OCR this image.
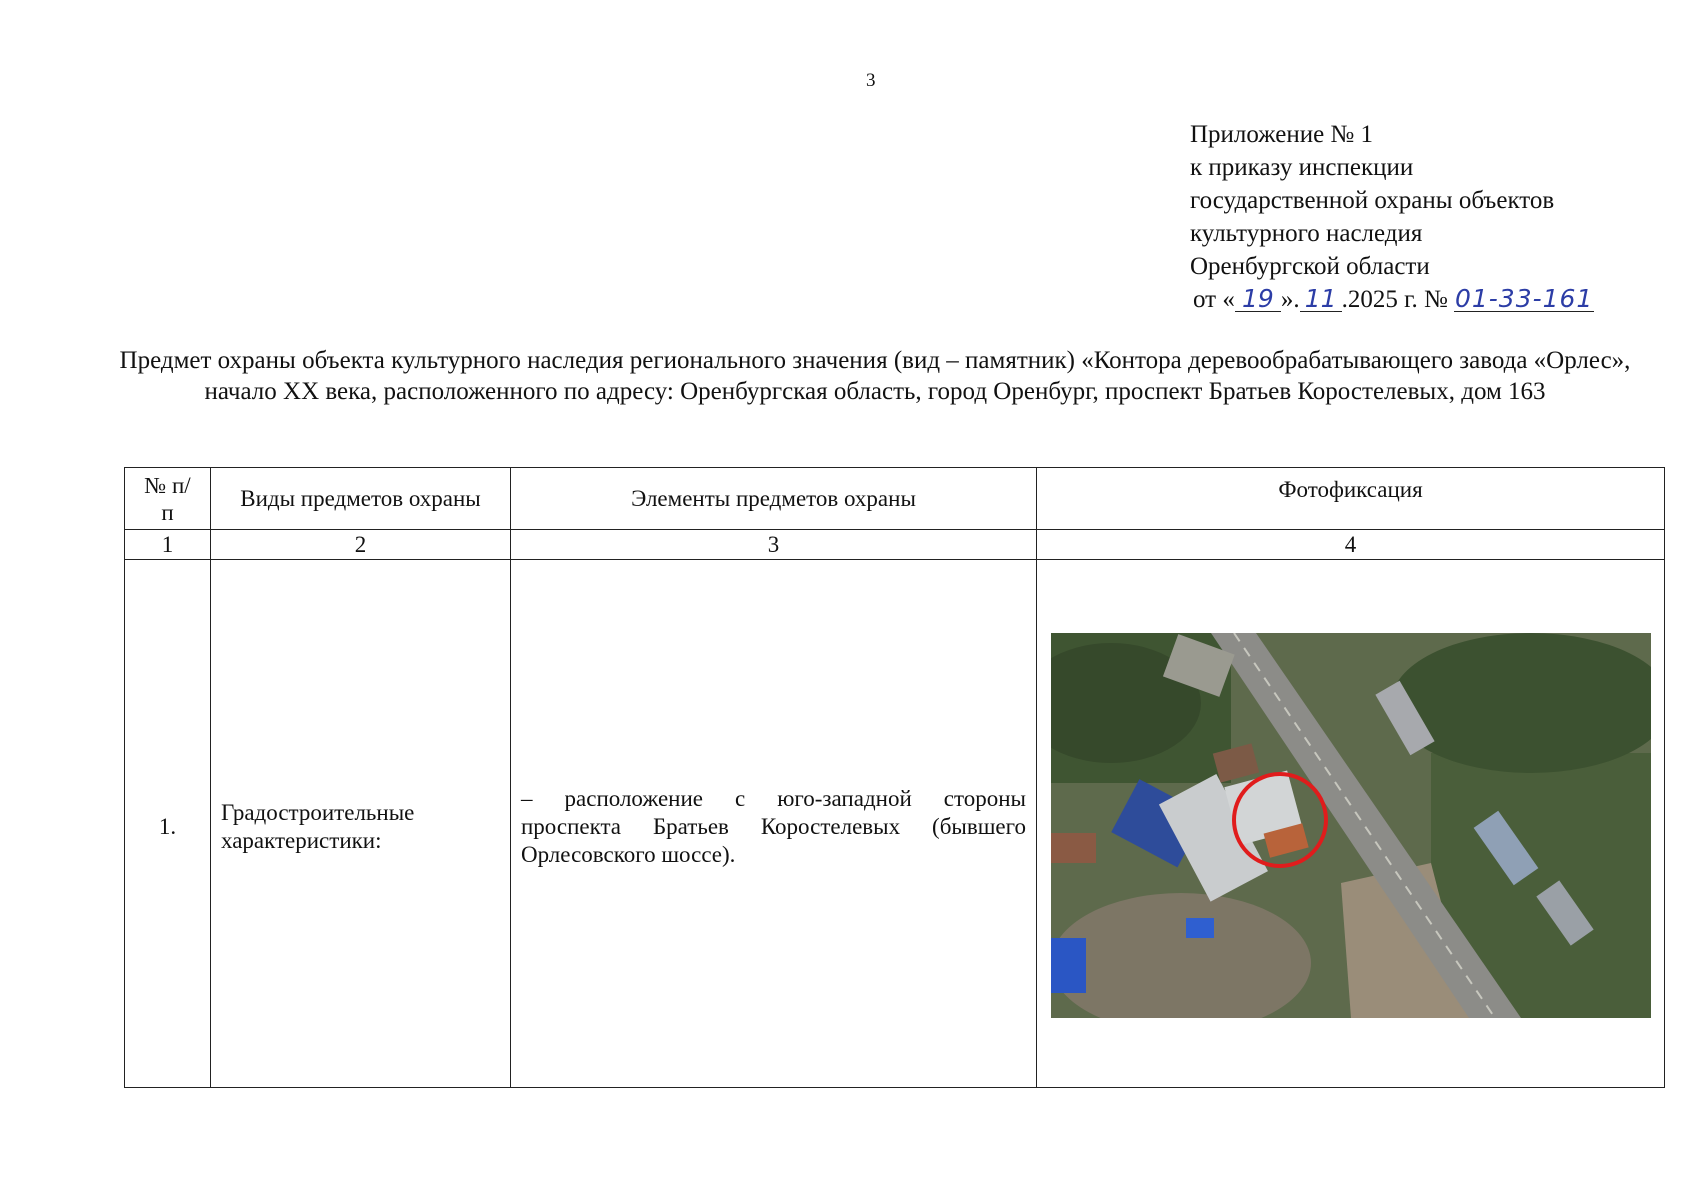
3
Приложение № 1
к приказу инспекции
государственной охраны объектов
культурного наследия
Оренбургской области
от « 19 ». 11 .2025 г. № 01-33-161
Предмет охраны объекта культурного наследия регионального значения (вид – памятник) «Контора деревообрабатывающего завода «Орлес», начало XX века, расположенного по адресу: Оренбургская область, город Оренбург, проспект Братьев Коростелевых, дом 163
№ п/п	Виды предметов охраны	Элементы предметов охраны	Фотофиксация
1	2	3	4
1.	Градостроительные характеристики:	– расположение с юго-западной стороны проспекта Братьев Коростелевых (бывшего Орлесовского шоссе).	
